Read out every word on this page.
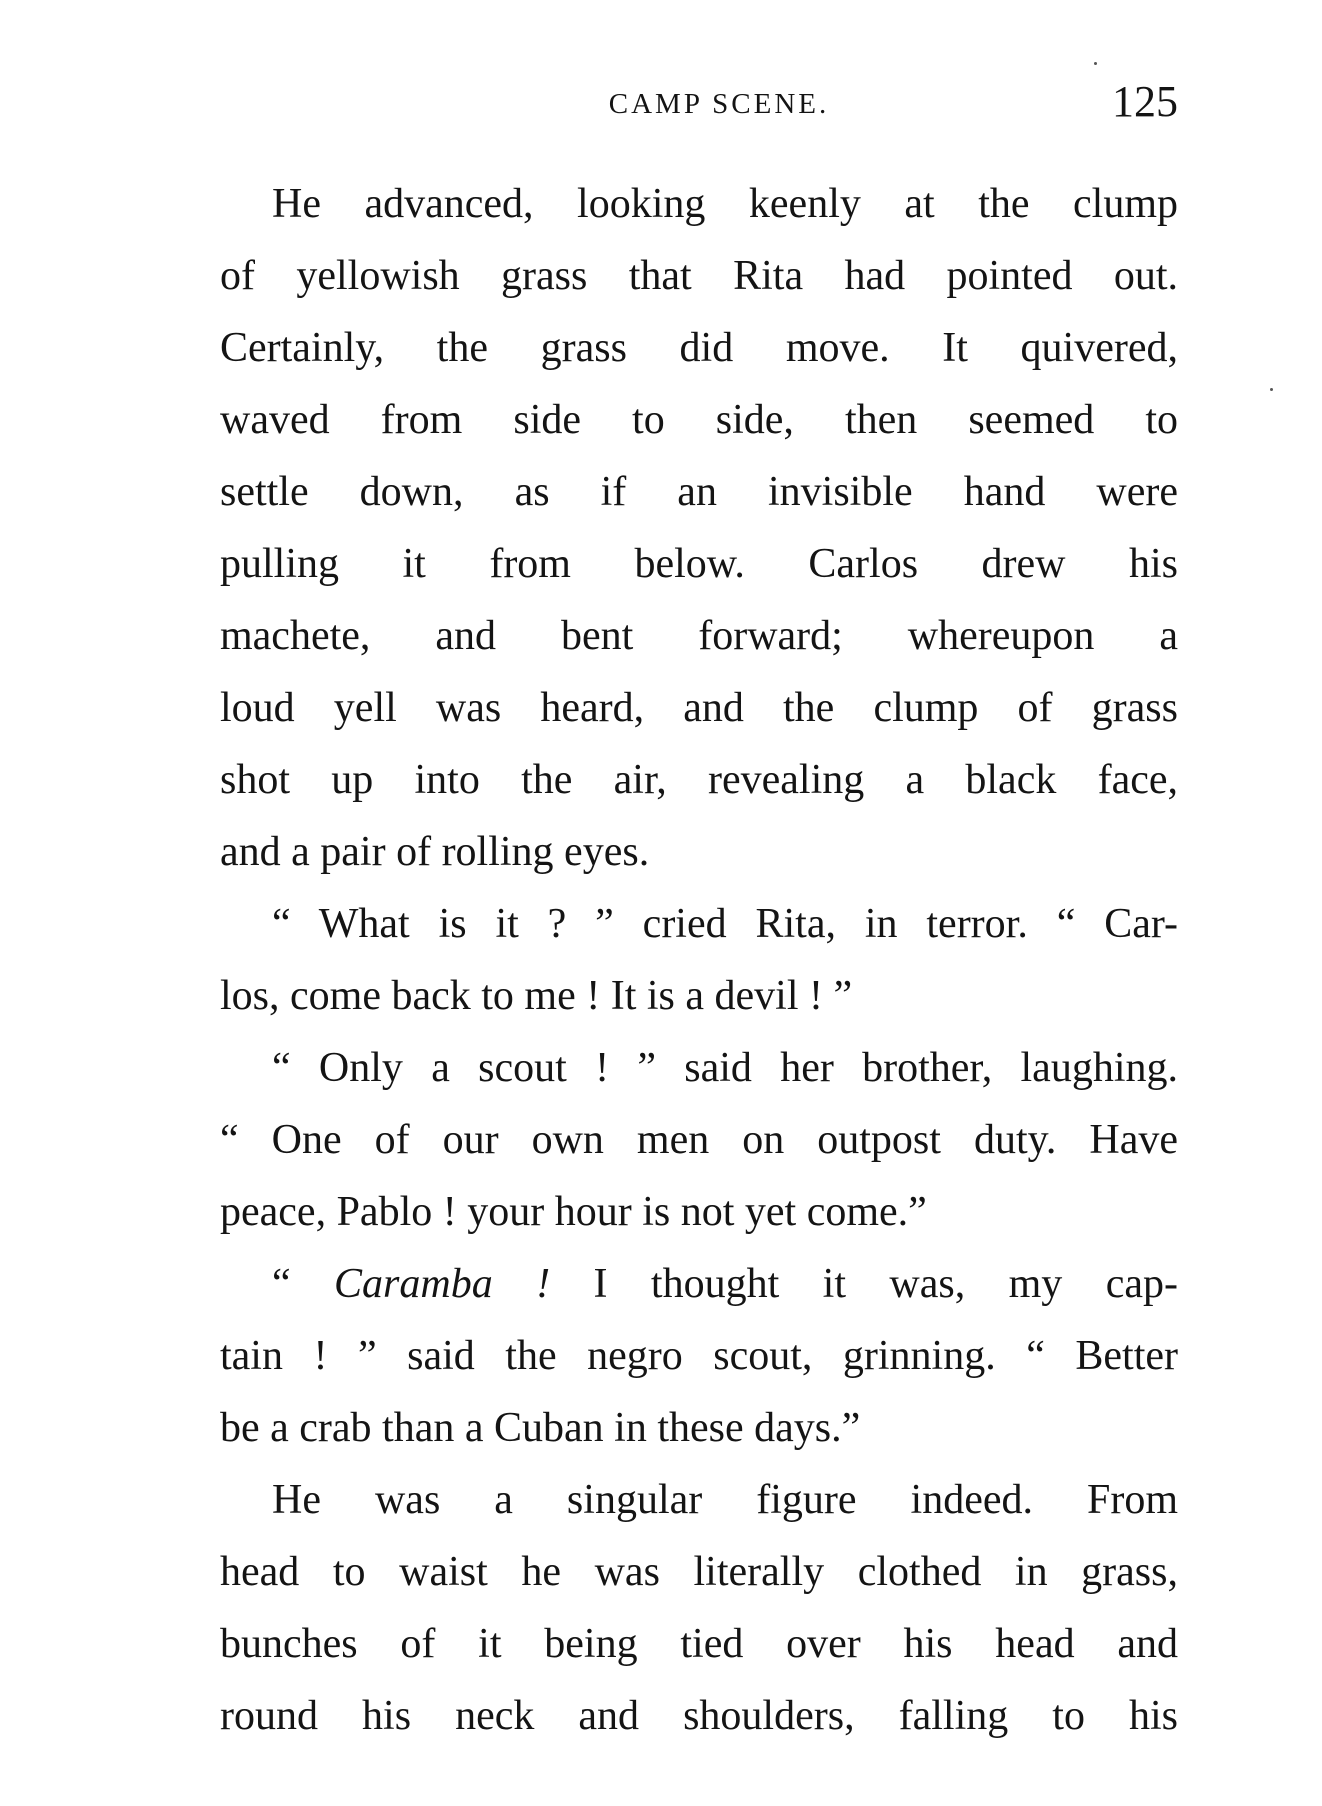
CAMP SCENE.	125
He advanced, looking keenly at the clump
of yellowish grass that Rita had pointed out.
Certainly, the grass did move. It quivered,
waved from side to side, then seemed to
settle down, as if an invisible hand were
pulling it from below. Carlos drew his
machete, and bent forward; whereupon a
loud yell was heard, and the clump of grass
shot up into the air, revealing a black face,
and a pair of rolling eyes.
“ What is it ? ” cried Rita, in terror. “ Car-
los, come back to me ! It is a devil ! ”
“ Only a scout ! ” said her brother, laughing.
“ One of our own men on outpost duty. Have
peace, Pablo ! your hour is not yet come.”
“ Caramba ! I thought it was, my cap-
tain ! ” said the negro scout, grinning. “ Better
be a crab than a Cuban in these days.”
He was a singular figure indeed. From
head to waist he was literally clothed in grass,
bunches of it being tied over his head and
round his neck and shoulders, falling to his
